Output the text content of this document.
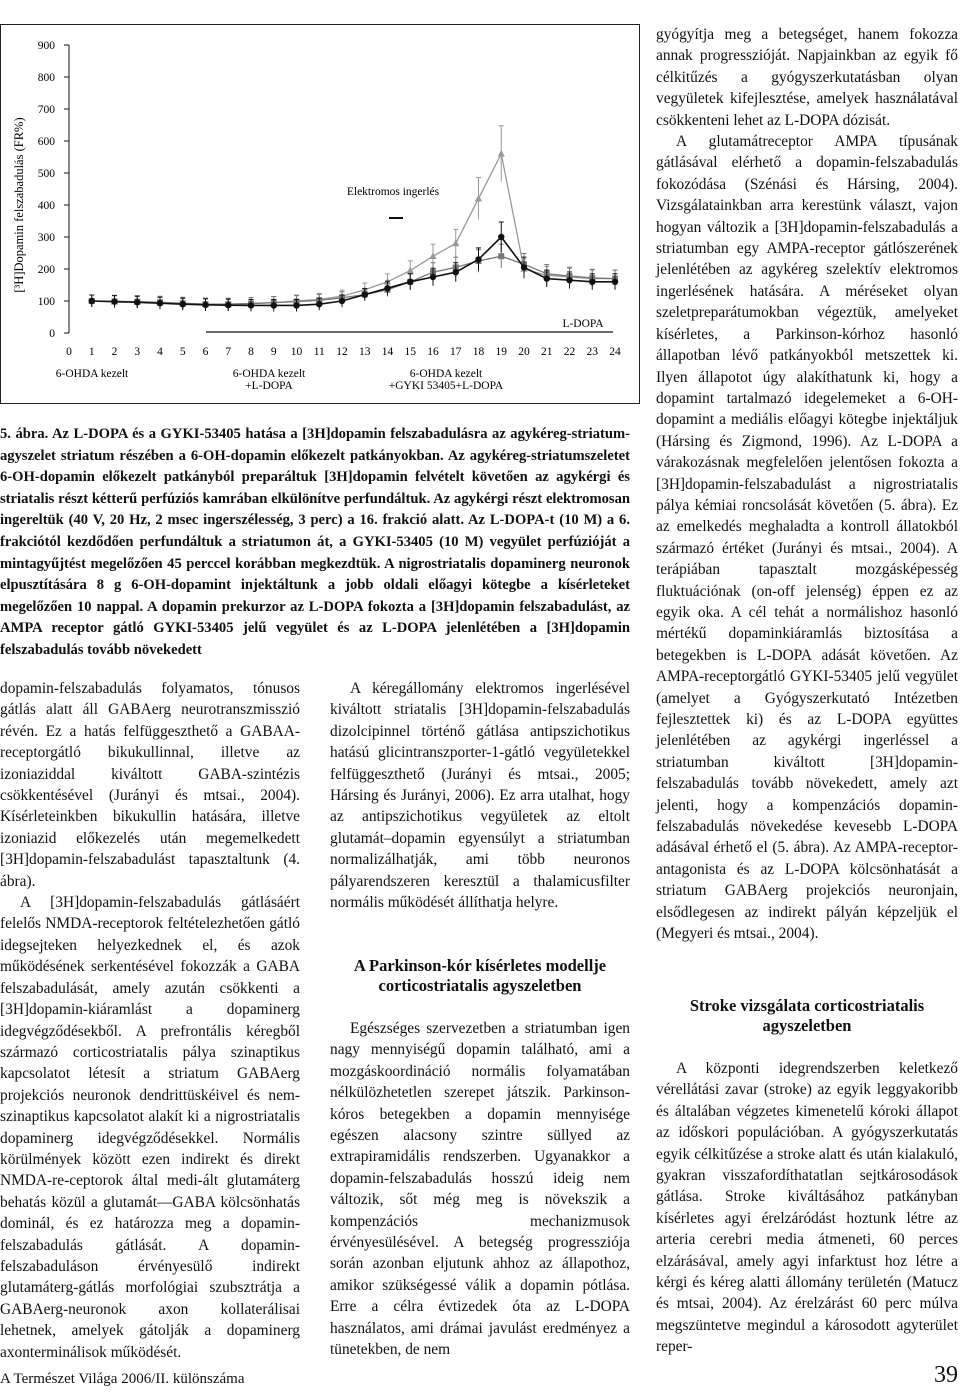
[³H]Dopamin felszabadulás (FR%)
0
100
200
300
400
500
600
700
800
900
0 1 2 3 4 5 6 7 8 9 10 11 12 13 14 15 16 17 18 19 20 21 22 23 24
Elektromos ingerlés
L-DOPA
6-OHDA kezelt	6-OHDA kezelt
+L-DOPA
6-OHDA kezelt
+GYKI 53405+L-DOPA
5. ábra. Az L-DOPA és a GYKI-53405 hatása a [3H]dopamin felszabadulásra az agykéreg-striatum-agyszelet striatum részében a 6-OH-dopamin előkezelt patkányokban. Az agykéreg-striatumszeletet 6-OH-dopamin előkezelt patkányból preparáltuk [3H]dopamin felvételt követően az agykérgi és striatalis részt kétterű perfúziós kamrában elkülönítve perfundáltuk. Az agykérgi részt elektromosan ingereltük (40 V, 20 Hz, 2 msec ingerszélesség, 3 perc) a 16. frakció alatt. Az L-DOPA-t (10 M) a 6. frakciótól kezdődően perfundáltuk a striatumon át, a GYKI-53405 (10 M) vegyület perfúzióját a mintagyűjtést megelőzően 45 perccel korábban megkezdtük. A nigrostriatalis dopaminerg neuronok elpusztítására 8 g 6-OH-dopamint injektáltunk a jobb oldali előagyi kötegbe a kísérleteket megelőzően 10 nappal. A dopamin prekurzor az L-DOPA fokozta a [3H]dopamin felszabadulást, az AMPA receptor gátló GYKI-53405 jelű vegyület és az L-DOPA jelenlétében a [3H]dopamin felszabadulás tovább növekedett

dopamin-felszabadulás folyamatos, tónusos gátlás alatt áll GABAerg neurotranszmisszió révén. Ez a hatás felfüggeszthető a GABAA-receptorgátló bikukullinnal, illetve az izoniaziddal kiváltott GABA-szintézis csökkentésével (Jurányi és mtsai., 2004). Kísérleteinkben bikukullin hatására, illetve izoniazid előkezelés után megemelkedett [3H]dopamin-felszabadulást tapasztaltunk (4. ábra).

A [3H]dopamin-felszabadulás gátlásáért felelős NMDA-receptorok feltételezhetően gátló idegsejteken helyezkednek el, és azok működésének serkentésével fokozzák a GABA felszabadulását, amely azután csökkenti a [3H]dopamin-kiáramlást a dopaminerg idegvégződésekből. A prefrontális kéregből származó corticostriatalis pálya szinaptikus kapcsolatot létesít a striatum GABAerg projekciós neuronok dendrittüskéivel és nem-szinaptikus kapcsolatot alakít ki a nigrostriatalis dopaminerg idegvégződésekkel. Normális körülmények között ezen indirekt és direkt NMDA-re-ceptorok által medi-ált glutamáterg behatás közül a glutamát—GABA kölcsönhatás dominál, és ez határozza meg a dopamin-felszabadulás gátlását. A dopamin-felszabaduláson érvényesülő indirekt glutamáterg-gátlás morfológiai szubsztrátja a GABAerg-neuronok axon kollaterálisai lehetnek, amelyek gátolják a dopaminerg axonterminálisok működését.

A kéregállomány elektromos ingerlésével kiváltott striatalis [3H]dopamin-felszabadulás dizolcipinnel történő gátlása antipszichotikus hatású glicintranszporter-1-gátló vegyületekkel felfüggeszthető (Jurányi és mtsai., 2005; Hársing és Jurányi, 2006). Ez arra utalhat, hogy az antipszichotikus vegyületek az eltolt glutamát–dopamin egyensúlyt a striatumban normalizálhatják, ami több neuronos pályarendszeren keresztül a thalamicusfilter normális működését állíthatja helyre.

A Parkinson-kór kísérletes modellje corticostriatalis agyszeletben

Egészséges szervezetben a striatumban igen nagy mennyiségű dopamin található, ami a mozgáskoordináció normális folyamatában nélkülözhetetlen szerepet játszik. Parkinson-kóros betegekben a dopamin mennyisége egészen alacsony szintre süllyed az extrapiramidális rendszerben. Ugyanakkor a dopamin-felszabadulás hosszú ideig nem változik, sőt még meg is növekszik a kompenzációs mechanizmusok érvényesülésével. A betegség progressziója során azonban eljutunk ahhoz az állapothoz, amikor szükségessé válik a dopamin pótlása. Erre a célra évtizedek óta az L-DOPA használatos, ami drámai javulást eredményez a tünetekben, de nem

gyógyítja meg a betegséget, hanem fokozza annak progresszióját. Napjainkban az egyik fő célkitűzés a gyógyszerkutatásban olyan vegyületek kifejlesztése, amelyek használatával csökkenteni lehet az L-DOPA dózisát.

A glutamátreceptor AMPA típusának gátlásával elérhető a dopamin-felszabadulás fokozódása (Szénási és Hársing, 2004). Vizsgálatainkban arra kerestünk választ, vajon hogyan változik a [3H]dopamin-felszabadulás a striatumban egy AMPA-receptor gátlószerének jelenlétében az agykéreg szelektív elektromos ingerlésének hatására. A méréseket olyan szeletpreparátumokban végeztük, amelyeket kísérletes, a Parkinson-kórhoz hasonló állapotban lévő patkányokból metszettek ki. Ilyen állapotot úgy alakíthatunk ki, hogy a dopamint tartalmazó idegelemeket a 6-OH-dopamint a mediális előagyi kötegbe injektáljuk (Hársing és Zigmond, 1996). Az L-DOPA a várakozásnak megfelelően jelentősen fokozta a [3H]dopamin-felszabadulást a nigrostriatalis pálya kémiai roncsolását követően (5. ábra). Ez az emelkedés meghaladta a kontroll állatokból származó értéket (Jurányi és mtsai., 2004). A terápiában tapasztalt mozgásképesség fluktuációnak (on-off jelenség) éppen ez az egyik oka. A cél tehát a normálishoz hasonló mértékű dopaminkiáramlás biztosítása a betegekben is L-DOPA adását követően. Az AMPA-receptorgátló GYKI-53405 jelű vegyület (amelyet a Gyógyszerkutató Intézetben fejlesztettek ki) és az L-DOPA együttes jelenlétében az agykérgi ingerléssel a striatumban kiváltott [3H]dopamin-felszabadulás tovább növekedett, amely azt jelenti, hogy a kompenzációs dopamin-felszabadulás növekedése kevesebb L-DOPA adásával érhető el (5. ábra). Az AMPA-receptor-antagonista és az L-DOPA kölcsönhatását a striatum GABAerg projekciós neuronjain, elsődlegesen az indirekt pályán képzeljük el (Megyeri és mtsai., 2004).

Stroke vizsgálata corticostriatalis agyszeletben

A központi idegrendszerben keletkező vérellátási zavar (stroke) az egyik leggyakoribb és általában végzetes kimenetelű kóroki állapot az időskori populációban. A gyógyszerkutatás egyik célkitűzése a stroke alatt és után kialakuló, gyakran visszafordíthatatlan sejtkárosodások gátlása. Stroke kiváltásához patkányban kísérletes agyi érelzáródást hoztunk létre az arteria cerebri media átmeneti, 60 perces elzárásával, amely agyi infarktust hoz létre a kérgi és kéreg alatti állomány területén (Matucz és mtsai, 2004). Az érelzárást 60 perc múlva megszüntetve megindul a károsodott agyterület reper-

A Természet Világa 2006/II. különszáma	39
